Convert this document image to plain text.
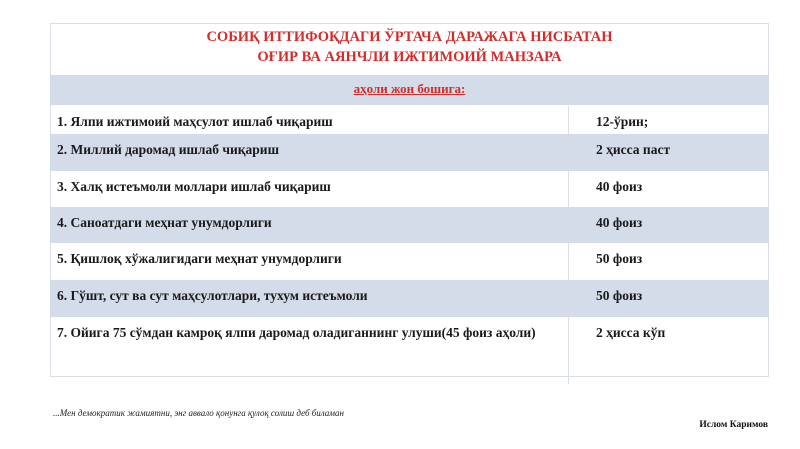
СОБИҚ ИТТИФОҚДАГИ ЎРТАЧА ДАРАЖАГА НИСБАТАН
ОҒИР ВА АЯНЧЛИ ИЖТИМОИЙ МАНЗАРА
аҳоли жон бошига:
1. Ялпи ижтимоий маҳсулот ишлаб чиқариш	12-ўрин;
2. Миллий даромад ишлаб чиқариш	2 ҳисса паст
3. Халқ истеъмоли моллари ишлаб чиқариш	40 фоиз
4. Саноатдаги меҳнат унумдорлиги	40 фоиз
5. Қишлоқ хўжалигидаги меҳнат унумдорлиги	50 фоиз
6. Гўшт, сут ва сут маҳсулотлари, тухум истеъмоли	50 фоиз
7. Ойига 75 сўмдан камроқ ялпи даромад оладиганнинг улуши(45 фоиз аҳоли)	2 ҳисса кўп
...Мен демократик жамиятни, энг аввало қонунга қулоқ солиш деб биламан
Ислом Каримов
